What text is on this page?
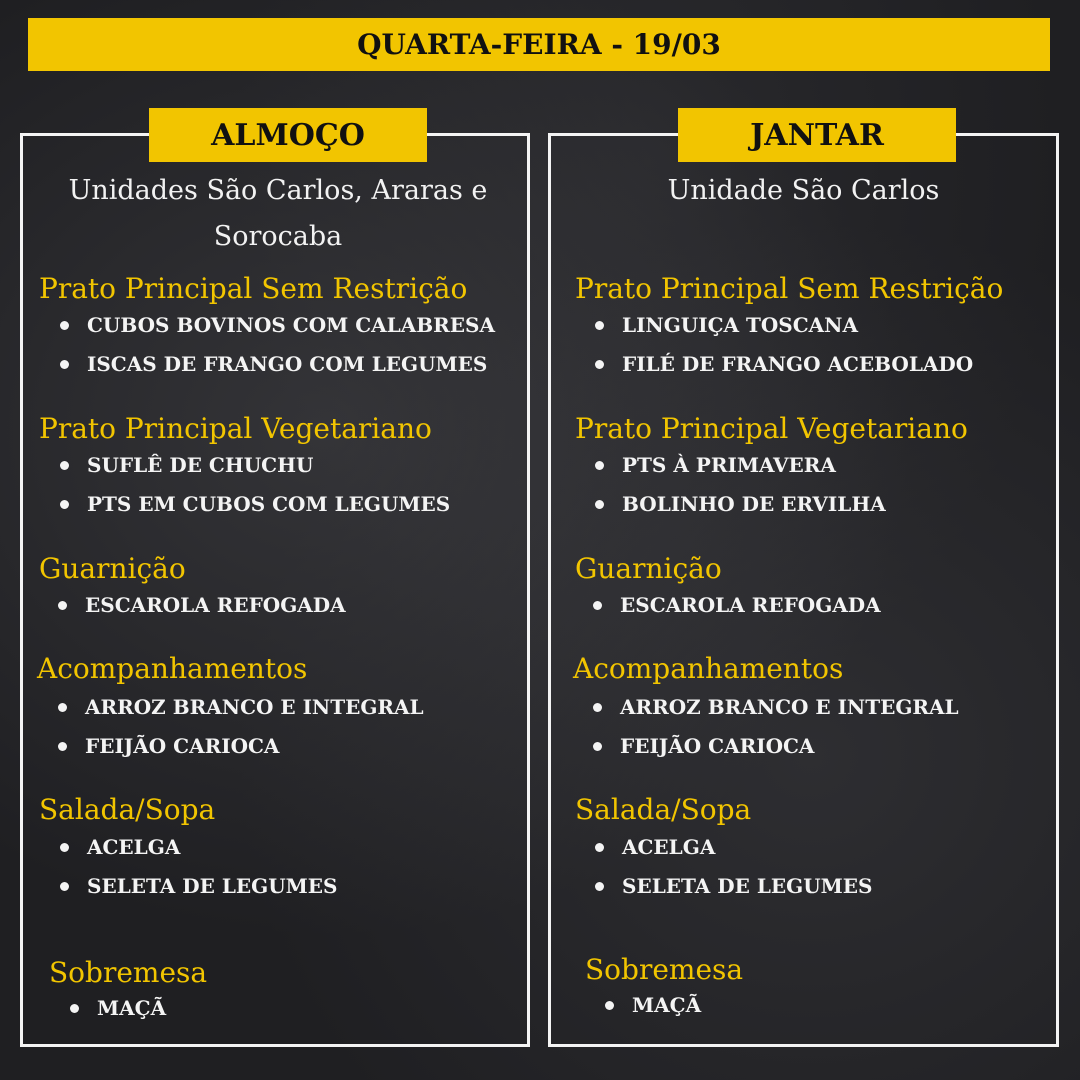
QUARTA-FEIRA - 19/03
ALMOÇO
Unidades São Carlos, Araras e Sorocaba
Prato Principal Sem Restrição
CUBOS BOVINOS COM CALABRESA
ISCAS DE FRANGO COM LEGUMES
Prato Principal Vegetariano
SUFLÊ DE CHUCHU
PTS EM CUBOS COM LEGUMES
Guarnição
ESCAROLA REFOGADA
Acompanhamentos
ARROZ BRANCO E INTEGRAL
FEIJÃO CARIOCA
Salada/Sopa
ACELGA
SELETA DE LEGUMES
Sobremesa
MAÇÃ
JANTAR
Unidade São Carlos
Prato Principal Sem Restrição
LINGUIÇA TOSCANA
FILÉ DE FRANGO ACEBOLADO
Prato Principal Vegetariano
PTS À PRIMAVERA
BOLINHO DE ERVILHA
Guarnição
ESCAROLA REFOGADA
Acompanhamentos
ARROZ BRANCO E INTEGRAL
FEIJÃO CARIOCA
Salada/Sopa
ACELGA
SELETA DE LEGUMES
Sobremesa
MAÇÃ
